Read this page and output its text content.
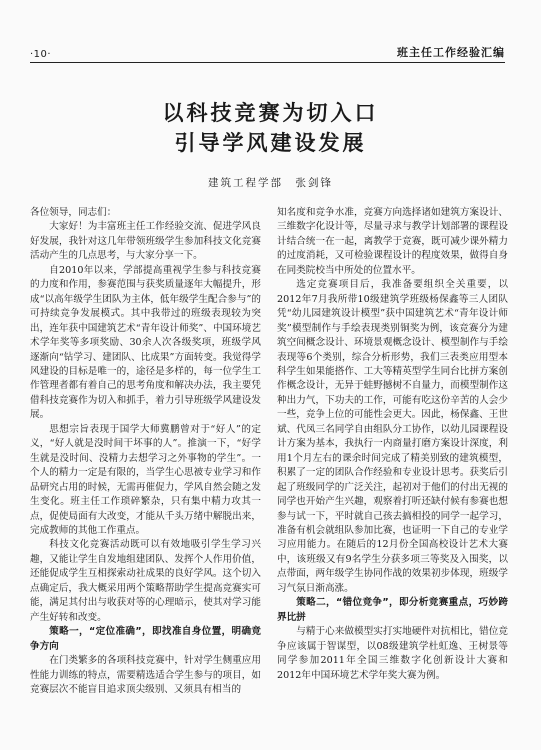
·10·	班主任工作经验汇编
以科技竞赛为切入口
引导学风建设发展
建筑工程学部　张剑锋

各位领导，同志们：

大家好！为丰富班主任工作经验交流、促进学风良好发展，我针对这几年带领班级学生参加科技文化竞赛活动产生的几点思考，与大家分享一下。

自2010年以来，学部提高重视学生参与科技竞赛的力度和作用，参赛范围与获奖质量逐年大幅提升，形成“以高年级学生团队为主体，低年级学生配合参与”的可持续竞争发展模式。其中我带过的班级表现较为突出，连年获中国建筑艺术“青年设计师奖”、中国环境艺术学年奖等多项奖励、30余人次各级奖项，班级学风逐渐向“钻学习、建团队、比成果”方面转变。我觉得学风建设的目标是唯一的，途径是多样的，每一位学生工作管理者都有着自己的思考角度和解决办法，我主要凭借科技竞赛作为切入和抓手，着力引导班级学风建设发展。

思想宗旨表现于国学大师冀鹏曾对于“好人”的定义，“好人就是没时间干坏事的人”。推演一下，“好学生就是没时间、没精力去想学习之外事物的学生”。一个人的精力一定是有限的，当学生心思被专业学习和作品研究占用的时候，无需再催促力，学风自然会随之发生变化。班主任工作琐碎繁杂，只有集中精力攻其一点，促使局面有大改变，才能从千头万绪中解脱出来，完成教师的其他工作重点。

科技文化竞赛活动既可以有效地吸引学生学习兴趣，又能让学生自发地组建团队、发挥个人作用价值，还能促成学生互相探索动社成果的良好学风。这个切入点确定后，我大概采用两个策略帮助学生提高竞赛实可能，满足其付出与收获对等的心理暗示，使其对学习能产生好转和改变。

策略一，“定位准确”，即找准自身位置，明确竞争方向

在门类繁多的各项科技竞赛中，针对学生侧重应用性能力训练的特点，需要精选适合学生参与的项目，如竞赛层次不能盲目追求顶尖级别、又须具有相当的

知名度和竞争水准，竞赛方向选择诸如建筑方案设计、三维数字化设计等，尽量寻求与教学计划部署的课程设计结合统一在一起，离教学于竞赛，既可减少课外精力的过度消耗，又可检验课程设计的程度效果，做得自身在同类院校当中所处的位置水平。

选定竞赛项目后，我准备要组织全关重要，以2012年7月我所带10级建筑学班级杨保鑫等三人团队凭“幼儿园建筑设计模型”获中国建筑艺术“青年设计师奖”模型制作与手绘表现类别铜奖为例，该竞赛分为建筑空间概念设计、环境景观概念设计、模型制作与手绘表现等6个类别，综合分析形势，我们三表类应用型本科学生如果能搭作、工大等精英型学生同台比拼方案创作概念设计，无异于蛙野撼树不自量力，而模型制作这种出力气，下功夫的工作，可能有吃这份辛苦的人会少一些，竞争上位的可能性会更大。因此，杨保鑫、王世斌、代凤三名同学自由组队分工协作，以幼儿园课程设计方案为基本，我执行一内商量打磨方案设计深度，利用1个月左右的课余时间完成了精美别致的建筑模型，积累了一定的团队合作经验和专业设计思考。获奖后引起了班级同学的广泛关注，起初对于他们的付出无视的同学也开始产生兴趣，观察着打听还缺付候有参赛也想参与试一下，平时就自己孩去搞相投的同学一起学习，准备有机会就组队参加比赛，也证明一下自己的专业学习应用能力。在随后的12月份全国高校设计艺术大赛中，该班级又有9名学生分获多项三等奖及入围奖，以点带面，两年级学生协同作战的效果初步体现，班级学习气氛日渐高涨。

策略二，“错位竞争”，即分析竞赛重点，巧妙跨界比拼

与精于心来做模型实打实地硬件对抗相比，错位竞争应该属于智谋型，以08级建筑学杜虹逸、王树景等同学参加2011年全国三维数字化创新设计大赛和2012年中国环境艺术学年奖大赛为例。
